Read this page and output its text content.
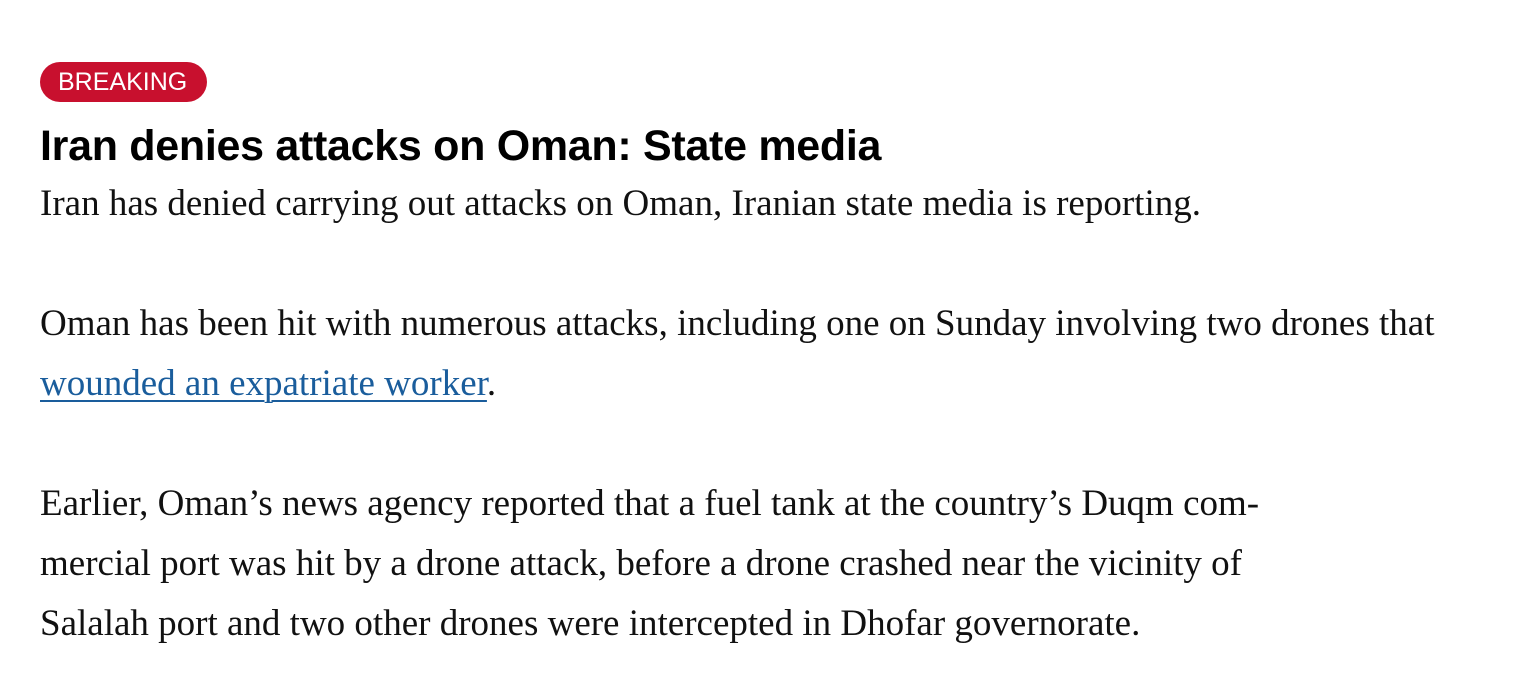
BREAKING
Iran denies attacks on Oman: State media

Iran has denied carrying out attacks on Oman, Iranian state media is reporting.

Oman has been hit with numerous attacks, including one on Sunday involving two drones that wounded an expatriate worker.

Earlier, Oman’s news agency reported that a fuel tank at the country’s Duqm com-
mercial port was hit by a drone attack, before a drone crashed near the vicinity of
Salalah port and two other drones were intercepted in Dhofar governorate.
